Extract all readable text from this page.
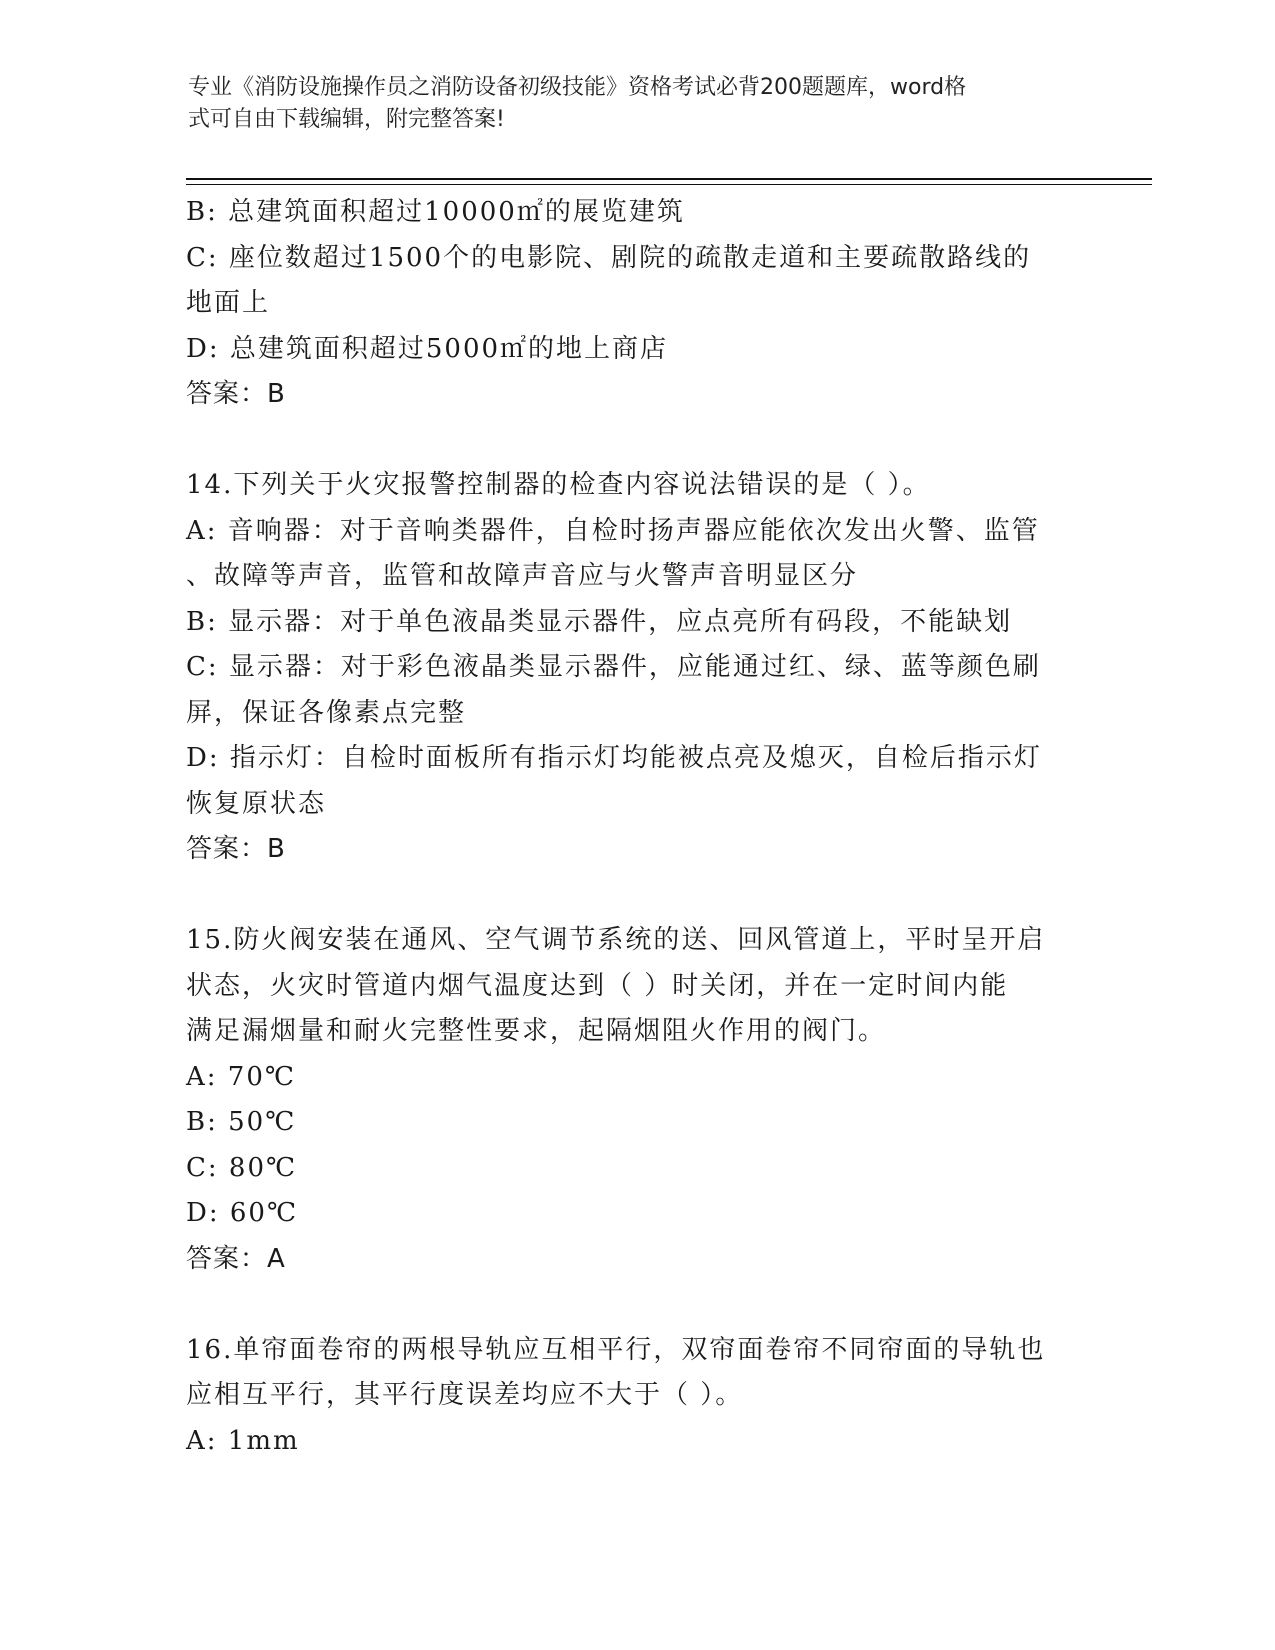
专业《消防设施操作员之消防设备初级技能》资格考试必背200题题库，word格
式可自由下载编辑，附完整答案!
B: 总建筑面积超过10000㎡的展览建筑
C: 座位数超过1500个的电影院、剧院的疏散走道和主要疏散路线的
地面上
D: 总建筑面积超过5000㎡的地上商店
答案：B
14.下列关于火灾报警控制器的检查内容说法错误的是（ ）。
A: 音响器：对于音响类器件，自检时扬声器应能依次发出火警、监管
、故障等声音，监管和故障声音应与火警声音明显区分
B: 显示器：对于单色液晶类显示器件，应点亮所有码段，不能缺划
C: 显示器：对于彩色液晶类显示器件，应能通过红、绿、蓝等颜色刷
屏，保证各像素点完整
D: 指示灯：自检时面板所有指示灯均能被点亮及熄灭，自检后指示灯
恢复原状态
答案：B
15.防火阀安装在通风、空气调节系统的送、回风管道上，平时呈开启
状态，火灾时管道内烟气温度达到（ ）时关闭，并在一定时间内能
满足漏烟量和耐火完整性要求，起隔烟阻火作用的阀门。
A: 70℃
B: 50℃
C: 80℃
D: 60℃
答案：A
16.单帘面卷帘的两根导轨应互相平行，双帘面卷帘不同帘面的导轨也
应相互平行，其平行度误差均应不大于（ ）。
A: 1mm
